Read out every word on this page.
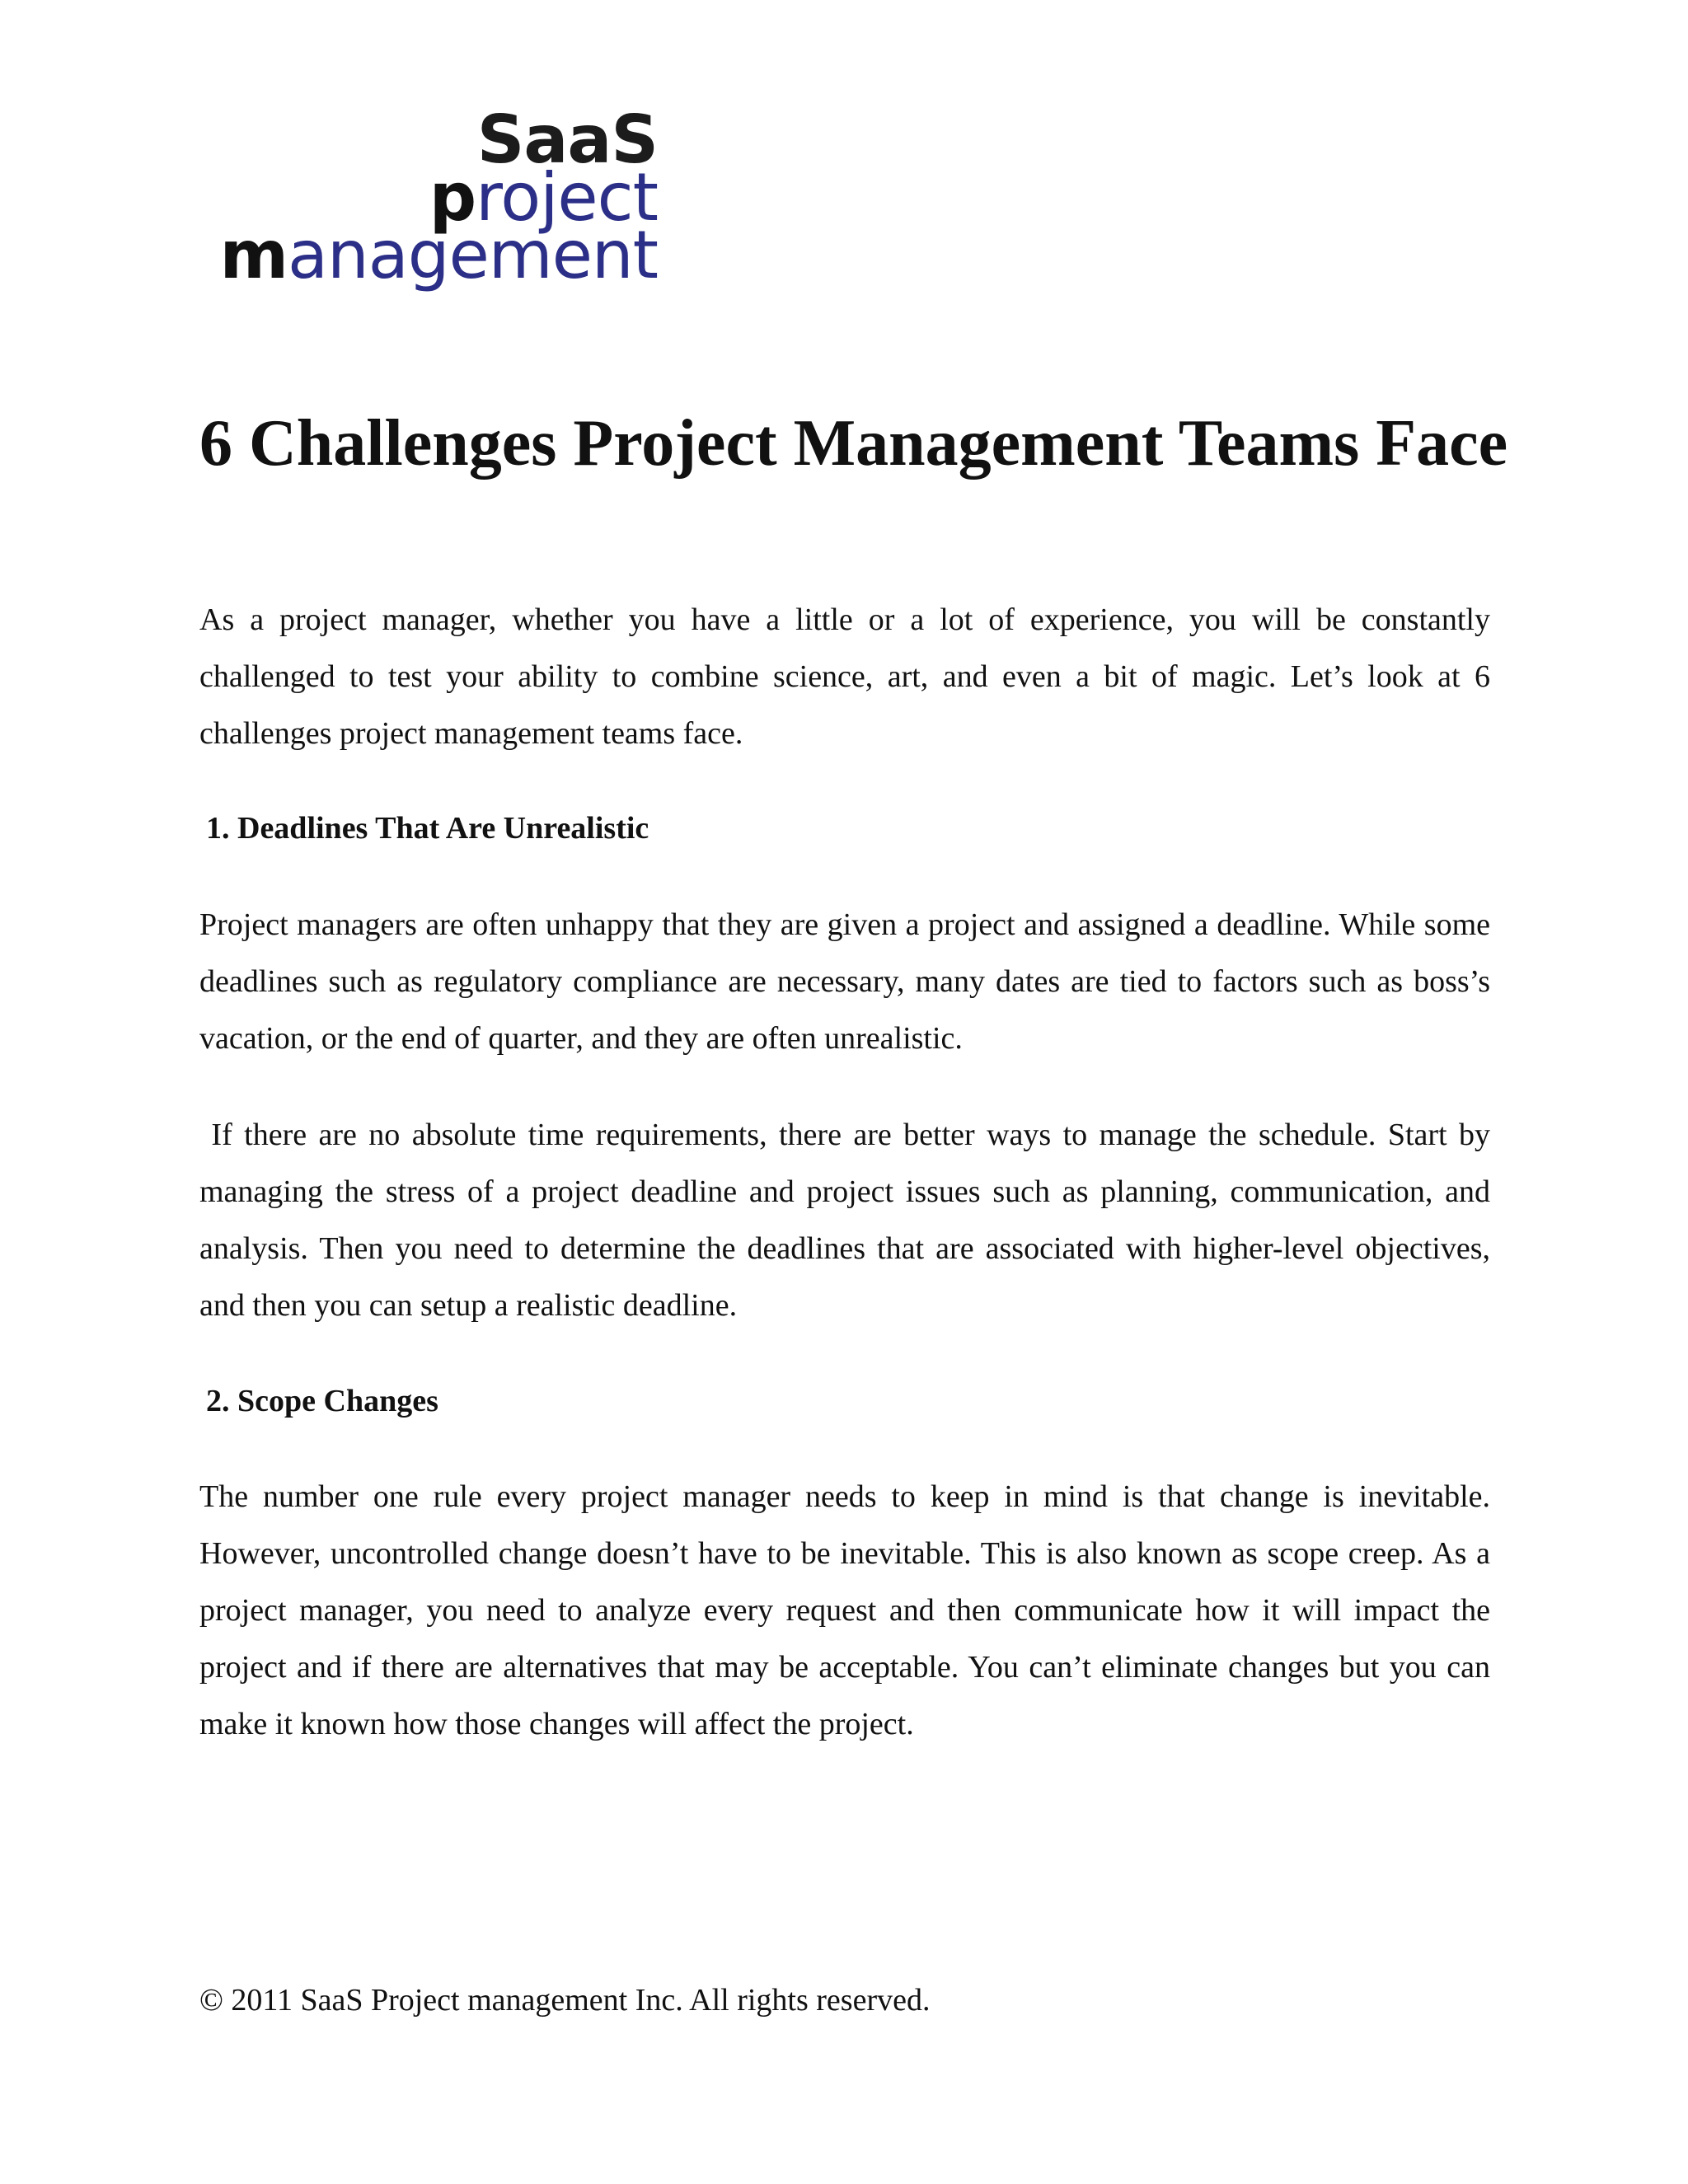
SaaS
project
management
6 Challenges Project Management Teams Face

As a project manager, whether you have a little or a lot of experience, you will be constantly challenged to test your ability to combine science, art, and even a bit of magic. Let’s look at 6 challenges project management teams face.

1. Deadlines That Are Unrealistic

Project managers are often unhappy that they are given a project and assigned a deadline. While some deadlines such as regulatory compliance are necessary, many dates are tied to factors such as boss’s vacation, or the end of quarter, and they are often unrealistic.

If there are no absolute time requirements, there are better ways to manage the schedule. Start by managing the stress of a project deadline and project issues such as planning, communication, and analysis. Then you need to determine the deadlines that are associated with higher-level objectives, and then you can setup a realistic deadline.

2. Scope Changes

The number one rule every project manager needs to keep in mind is that change is inevitable. However, uncontrolled change doesn’t have to be inevitable. This is also known as scope creep. As a project manager, you need to analyze every request and then communicate how it will impact the project and if there are alternatives that may be acceptable. You can’t eliminate changes but you can make it known how those changes will affect the project.

© 2011 SaaS Project management Inc. All rights reserved.
